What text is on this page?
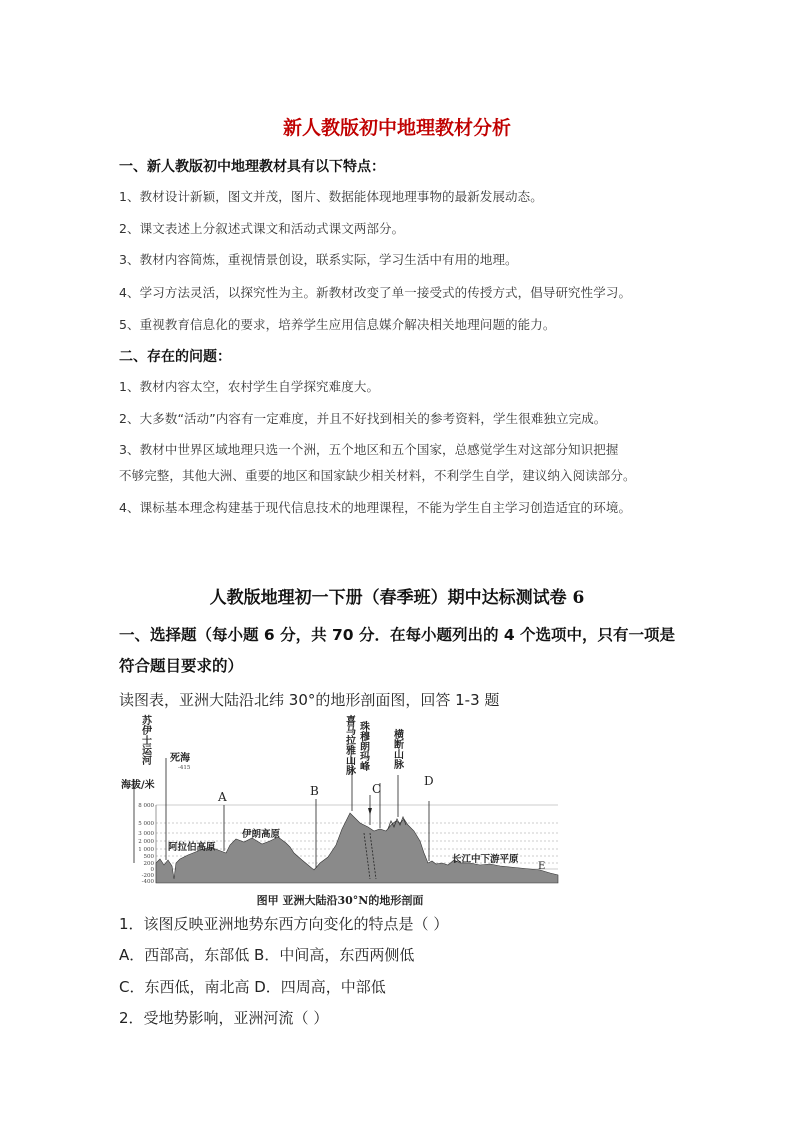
新人教版初中地理教材分析
一、新人教版初中地理教材具有以下特点：
1、教材设计新颖，图文并茂，图片、数据能体现地理事物的最新发展动态。
2、课文表述上分叙述式课文和活动式课文两部分。
3、教材内容简炼，重视情景创设，联系实际，学习生活中有用的地理。
4、学习方法灵活，以探究性为主。新教材改变了单一接受式的传授方式，倡导研究性学习。
5、重视教育信息化的要求，培养学生应用信息媒介解决相关地理问题的能力。
二、存在的问题：
1、教材内容太空，农村学生自学探究难度大。
2、大多数“活动”内容有一定难度，并且不好找到相关的参考资料，学生很难独立完成。
3、教材中世界区域地理只选一个洲，五个地区和五个国家，总感觉学生对这部分知识把握
不够完整，其他大洲、重要的地区和国家缺少相关材料，不利学生自学，建议纳入阅读部分。
4、课标基本理念构建基于现代信息技术的地理课程，不能为学生自主学习创造适宜的环境。
人教版地理初一下册（春季班）期中达标测试卷 6
一、选择题（每小题 6 分，共 70 分．在每小题列出的 4 个选项中，只有一项是
符合题目要求的）
读图表，亚洲大陆沿北纬 30°的地形剖面图，回答 1-3 题
8 000
5 000
3 000
2 000
1 000
500
200
0
-200
-400
海拔/米
苏伊士运河	喜马拉雅山脉 珠穆朗玛峰 横断山脉
死海
-415
A	B	C
D
E
阿拉伯高原
伊朗高原
长江中下游平原
图甲 亚洲大陆沿30°N的地形剖面
1．该图反映亚洲地势东西方向变化的特点是（ ）
A．西部高，东部低 B．中间高，东西两侧低
C．东西低，南北高 D．四周高，中部低
2．受地势影响，亚洲河流（ ）
